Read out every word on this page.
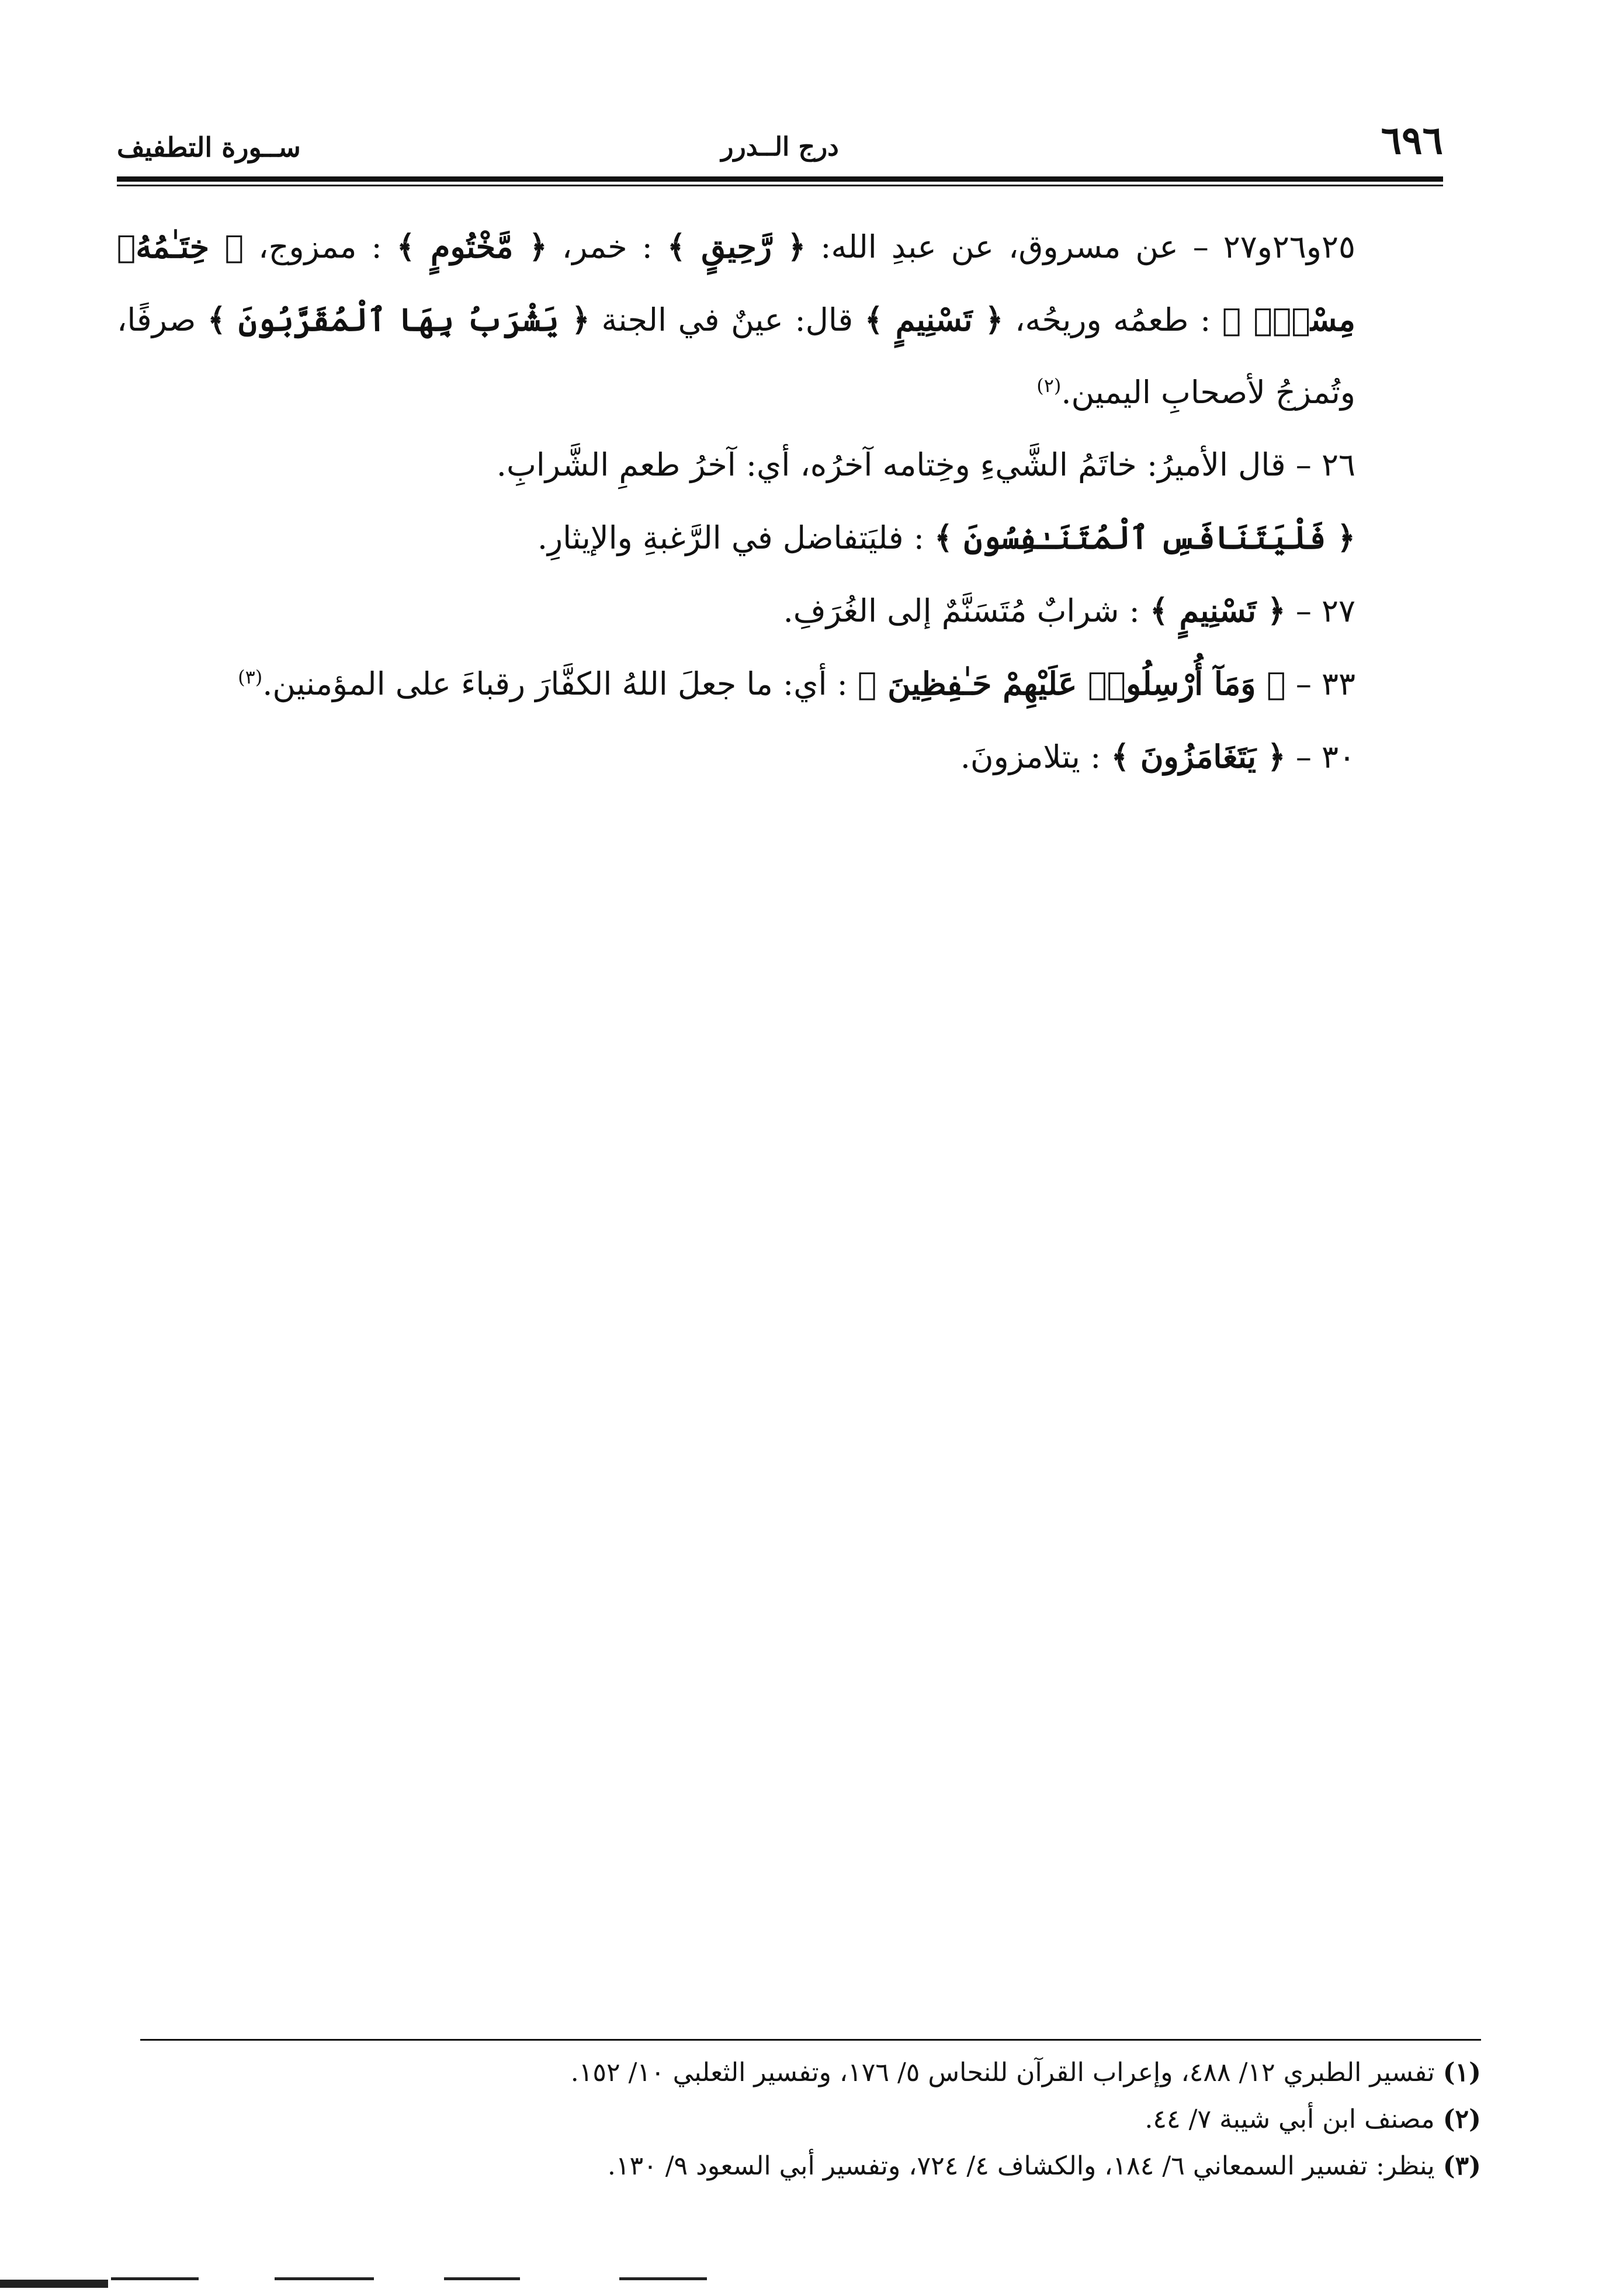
٦٩٦
درج الــدرر
ســورة التطفيف

٢٥و٢٦و٢٧ – عن مسروق، عن عبدِ الله: ﴿ رَّحِيقٍ ﴾ : خمر، ﴿ مَّخْتُومٍ ﴾ : ممزوج، ﴿ خِتَـٰمُهُۥ مِسْكٌۚ ﴾ : طعمُه وريحُه، ﴿ تَسْنِيمٍ ﴾ قال: عينٌ في الجنة ﴿ يَشْرَبُ بِهَا ٱلْمُقَرَّبُونَ ﴾ صرفًا، وتُمزجُ لأصحابِ اليمين.$^{(٢)}$

٢٦ – قال الأميرُ: خاتَمُ الشَّيءِ وخِتامه آخرُه، أي: آخرُ طعمِ الشَّرابِ.

﴿ فَلْيَتَنَافَسِ ٱلْمُتَنَـٰفِسُونَ ﴾ : فليَتفاضل في الرَّغبةِ والإيثارِ.

٢٧ – ﴿ تَسْنِيمٍ ﴾ : شرابٌ مُتَسَنَّمٌ إلى الغُرَفِ.

٣٣ – ﴿ وَمَآ أُرْسِلُوا۟ عَلَيْهِمْ حَـٰفِظِينَ ﴾ : أي: ما جعلَ اللهُ الكفَّارَ رقباءَ على المؤمنين.$^{(٣)}$

٣٠ – ﴿ يَتَغَامَزُونَ ﴾ : يتلامزونَ.

(١) تفسير الطبري ١٢/ ٤٨٨، وإعراب القرآن للنحاس ٥/ ١٧٦، وتفسير الثعلبي ١٠/ ١٥٢.

(٢) مصنف ابن أبي شيبة ٧/ ٤٤.

(٣) ينظر: تفسير السمعاني ٦/ ١٨٤، والكشاف ٤/ ٧٢٤، وتفسير أبي السعود ٩/ ١٣٠.
